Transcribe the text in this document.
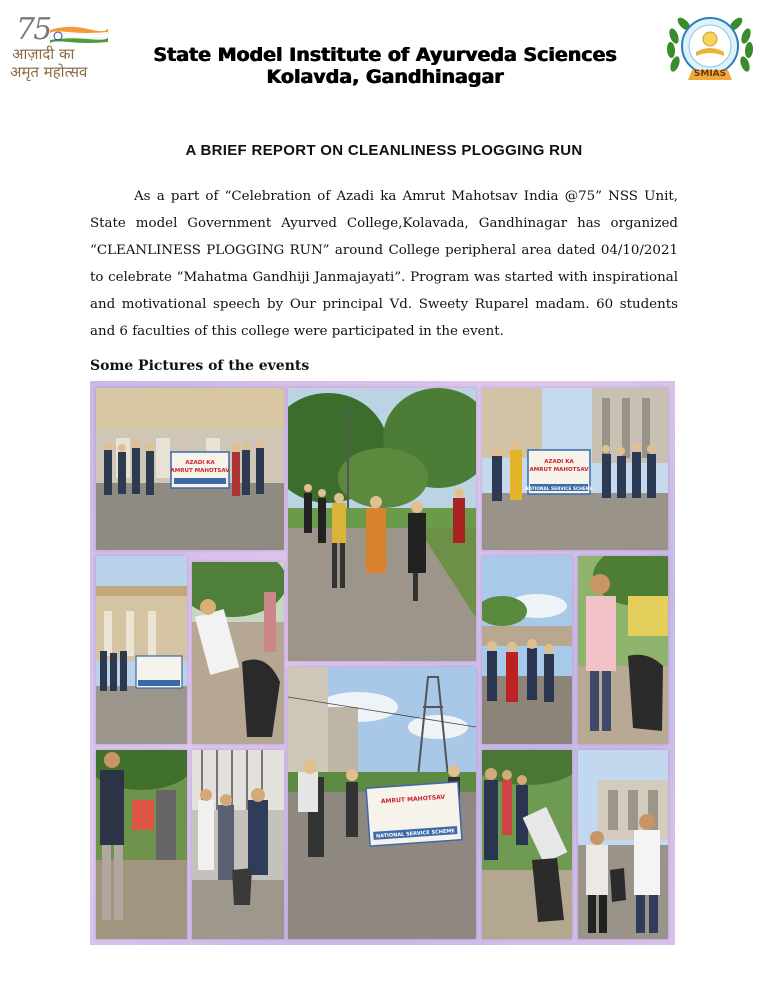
75
आज़ादी का
अमृत महोत्सव
State Model Institute of Ayurveda Sciences
Kolavda, Gandhinagar	SMIAS
A BRIEF REPORT ON CLEANLINESS PLOGGING RUN
As a part of “Celebration of Azadi ka Amrut Mahotsav India @75” NSS Unit, State model Government Ayurved College,Kolavada, Gandhinagar has organized “CLEANLINESS PLOGGING RUN” around College peripheral area dated 04/10/2021 to celebrate “Mahatma Gandhiji Janmajayati”. Program was started with inspirational and motivational speech by Our principal Vd. Sweety Ruparel madam. 60 students and 6 faculties of this college were participated in the event.
Some Pictures of the events
AZADI KA
AMRUT MAHOTSAV
NATIONAL SERVICE SCHEME
AZADI KA
AMRUT MAHOTSAV
AMRUT MAHOTSAV
NATIONAL SERVICE SCHEME
